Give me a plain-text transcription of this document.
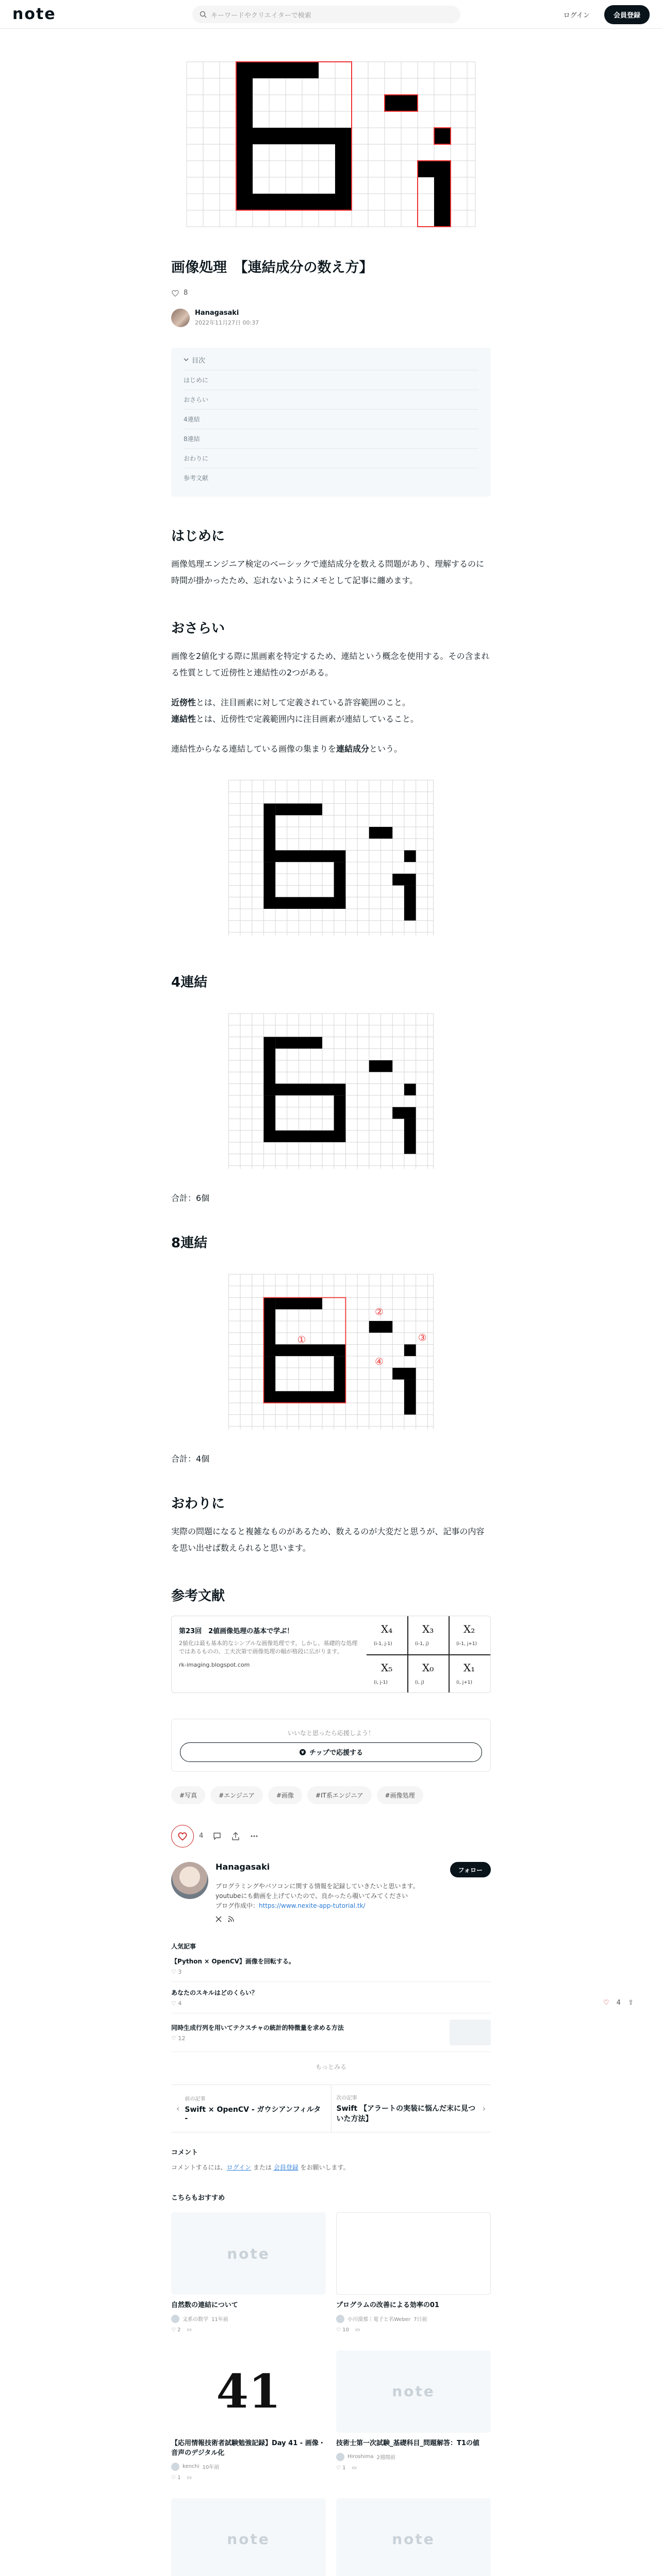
note	キーワードやクリエイターで検索	ログイン	会員登録
画像処理　【連結成分の数え方】
8
Hanagasaki
2022年11月27日 00:37
目次
はじめに
おさらい
4連結
8連結
おわりに
参考文献
はじめに

画像処理エンジニア検定のベーシックで連結成分を数える問題があり、理解するのに時間が掛かったため、忘れないようにメモとして記事に纏めます。

おさらい

画像を2値化する際に黒画素を特定するため、連結という概念を使用する。その含まれる性質として近傍性と連結性の2つがある。

近傍性とは、注目画素に対して定義されている許容範囲のこと。

連結性とは、近傍性で定義範囲内に注目画素が連結していること。

連結性からなる連結している画像の集まりを連結成分という。

4連結

合計：6個

8連結
①
②
③
④

合計：4個

おわりに

実際の問題になると複雑なものがあるため、数えるのが大変だと思うが、記事の内容を思い出せば数えられると思います。

参考文献
第23回　2値画像処理の基本で学ぶ！
2値化は最も基本的なシンプルな画像処理です。しかし、基礎的な処理ではあるものの、工夫次第で画像処理の幅が格段に広がります。
rk-imaging.blogspot.com
X₄	X₃	X₂
X₅	X₀	X₁
(i-1, j-1)	(i-1, j)	(i-1, j+1)
(i, j-1)	(i, j)	(i, j+1)
いいなと思ったら応援しよう！
¥ チップで応援する
#写真	#エンジニア	#画像	#IT系エンジニア	#画像処理
4
Hanagasaki	フォロー
プログラミングやパソコンに関する情報を記録していきたいと思います。
youtubeにも動画を上げていたので、良かったら覗いてみてください
ブログ作成中：https://www.nexite-app-tutorial.tk/
人気記事
【Python × OpenCV】画像を回転する。
♡ 3
あなたのスキルはどのくらい？
♡ 4
同時生成行列を用いてテクスチャの統計的特徴量を求める方法
♡ 12
もっとみる
‹
前の記事
Swift × OpenCV - ガウシアンフィルタ -
次の記事
Swift 【アラートの実装に悩んだ末に見ついた方法】
›
コメント
コメントするには、ログイン または 会員登録 をお願いします。
こちらもおすすめ
note
自然数の連結について
文系の数学 11年前
♡ 2 ▭
プログラムの改善による効率の01
小川漠那｜電子と名Weber 7日前
♡ 10 ▭
41
【応用情報技術者試験勉強記録】Day 41 - 画像・音声のデジタル化
kenchi 10年前
♡ 1 ▭
note
技術士第一次試験_基礎科目_問題解答：T1の値
Hiroshima 2週間前
♡ 1 ▭
note	note
♡ 4 ⇧
